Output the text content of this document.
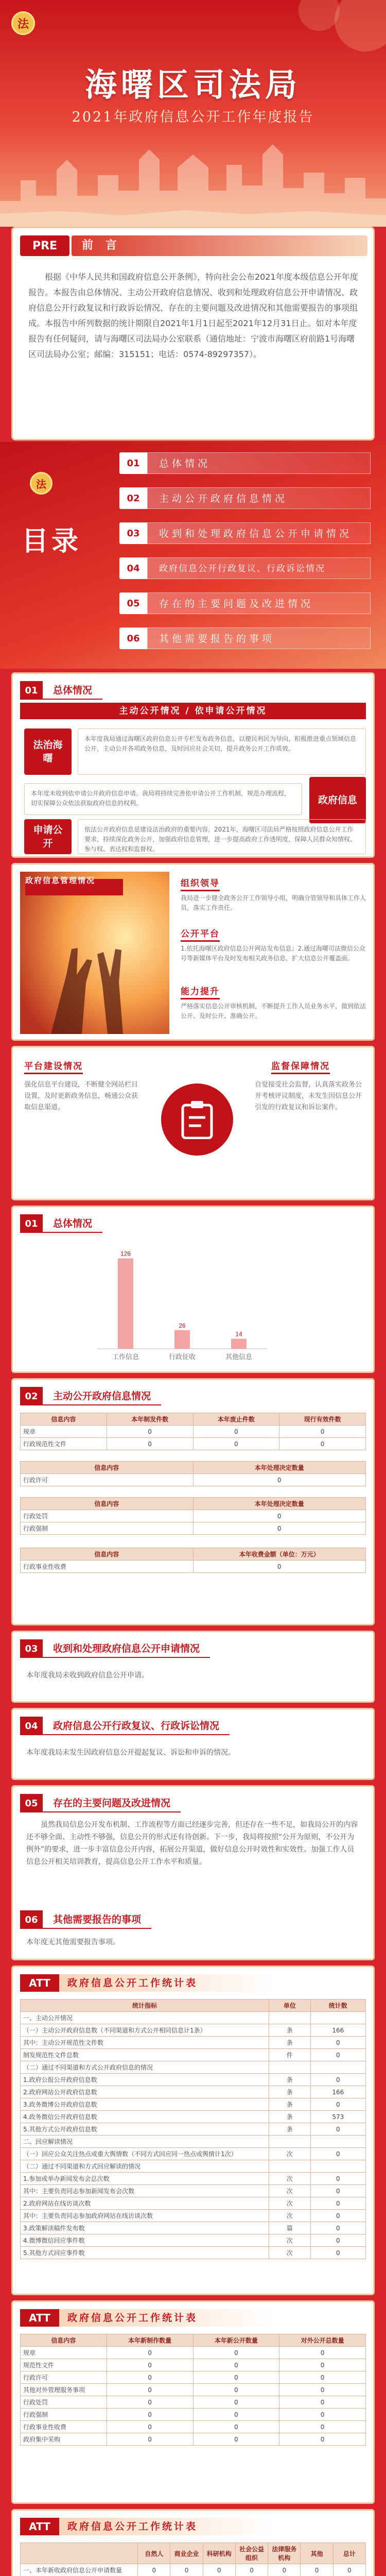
法
海曙区司法局
2021年政府信息公开工作年度报告
PRE	前言
根据《中华人民共和国政府信息公开条例》，特向社会公布2021年度本级信息公开年度报告。本报告由总体情况、主动公开政府信息情况、收到和处理政府信息公开申请情况、政府信息公开行政复议和行政诉讼情况、存在的主要问题及改进情况和其他需要报告的事项组成。本报告中所列数据的统计期限自2021年1月1日起至2021年12月31日止。如对本年度报告有任何疑问，请与海曙区司法局办公室联系（通信地址：宁波市海曙区府前路1号海曙区司法局办公室；邮编：315151；电话：0574-89297357）。
法
目录
01	总体情况
02	主动公开政府信息情况
03	收到和处理政府信息公开申请情况
04	政府信息公开行政复议、行政诉讼情况
05	存在的主要问题及改进情况
06	其他需要报告的事项
01	总体情况
主动公开情况 / 依申请公开情况
法治海曙
本年度我局通过海曙区政府信息公开专栏发布政务信息，以便民利民为导向，积极推进重点领域信息公开，主动公开各项政务信息，及时回应社会关切，提升政务公开工作质效。
本年度未收到依申请公开政府信息申请。我局将持续完善依申请公开工作机制，规范办理流程，切实保障公众依法获取政府信息的权利。	政府信息
申请公开
依法公开政府信息是建设法治政府的重要内容。2021年，海曙区司法局严格按照政府信息公开工作要求，持续深化政务公开，加强政府信息管理，进一步提高政府工作透明度，保障人民群众知情权、参与权、表达权和监督权。
政府信息管理情况	组织领导
我局进一步健全政务公开工作领导小组，明确分管领导和具体工作人员，落实工作责任。
公开平台
1.依托海曙区政府信息公开网站发布信息；2.通过海曙司法微信公众号等新媒体平台及时发布相关政务信息，扩大信息公开覆盖面。
能力提升
严格落实信息公开审核机制，不断提升工作人员业务水平，做到依法公开、及时公开、准确公开。
平台建设情况
强化信息平台建设，不断健全网站栏目设置，及时更新政务信息，畅通公众获取信息渠道。
监督保障情况
自觉接受社会监督，认真落实政务公开考核评议制度，未发生因信息公开引发的行政复议和诉讼案件。
01	总体情况
126
工作信息
26
行政征收
14
其他信息
02	主动公开政府信息情况
信息内容	本年制发件数	本年废止件数	现行有效件数
规章	0	0	0
行政规范性文件	0	0	0
信息内容	本年处理决定数量
行政许可	0
信息内容	本年处理决定数量
行政处罚	0
行政强制	0
信息内容	本年收费金额（单位：万元）
行政事业性收费	0
03	收到和处理政府信息公开申请情况
本年度我局未收到政府信息公开申请。
04	政府信息公开行政复议、行政诉讼情况
本年度我局未发生因政府信息公开提起复议、诉讼和申诉的情况。
05	存在的主要问题及改进情况
虽然我局信息公开发布机制、工作流程等方面已经逐步完善，但还存在一些不足，如我局公开的内容还不够全面、主动性不够强，信息公开的形式还有待创新。下一步，我局将按照“公开为原则，不公开为例外”的要求，进一步丰富信息公开内容，拓展公开渠道，做好信息公开时效性和实效性。加强工作人员信息公开相关培训教育，提高信息公开工作水平和质量。
06	其他需要报告的事项
本年度无其他需要报告事项。
ATT	政府信息公开工作统计表
统计指标	单位	统计数
一、主动公开情况		
（一）主动公开政府信息数（不同渠道和方式公开相同信息计1条）	条	166
其中：主动公开规范性文件数	条	0
制发规范性文件总数	件	0
（二）通过不同渠道和方式公开政府信息的情况		
1.政府公报公开政府信息数	条	0
2.政府网站公开政府信息数	条	166
3.政务微博公开政府信息数	条	0
4.政务微信公开政府信息数	条	573
5.其他方式公开政府信息数	条	0
二、回应解读情况		
（一）回应公众关注热点或重大舆情数（不同方式回应同一热点或舆情计1次）	次	0
（二）通过不同渠道和方式回应解读的情况		
1.参加或举办新闻发布会总次数	次	0
其中：主要负责同志参加新闻发布会次数	次	0
2.政府网站在线访谈次数	次	0
其中：主要负责同志参加政府网站在线访谈次数	次	0
3.政策解读稿件发布数	篇	0
4.微博微信回应事件数	次	0
5.其他方式回应事件数	次	0
ATT	政府信息公开工作统计表
信息内容	本年新制作数量	本年新公开数量	对外公开总数量
规章	0	0	0
规范性文件	0	0	0
行政许可	0	0	0
其他对外管理服务事项	0	0	0
行政处罚	0	0	0
行政强制	0	0	0
行政事业性收费	0	0	0
政府集中采购	0	0	0
ATT	政府信息公开工作统计表
	自然人	商业企业	科研机构	社会公益组织	法律服务机构	其他	总计
一、本年新收政府信息公开申请数量	0	0	0	0	0	0	0
